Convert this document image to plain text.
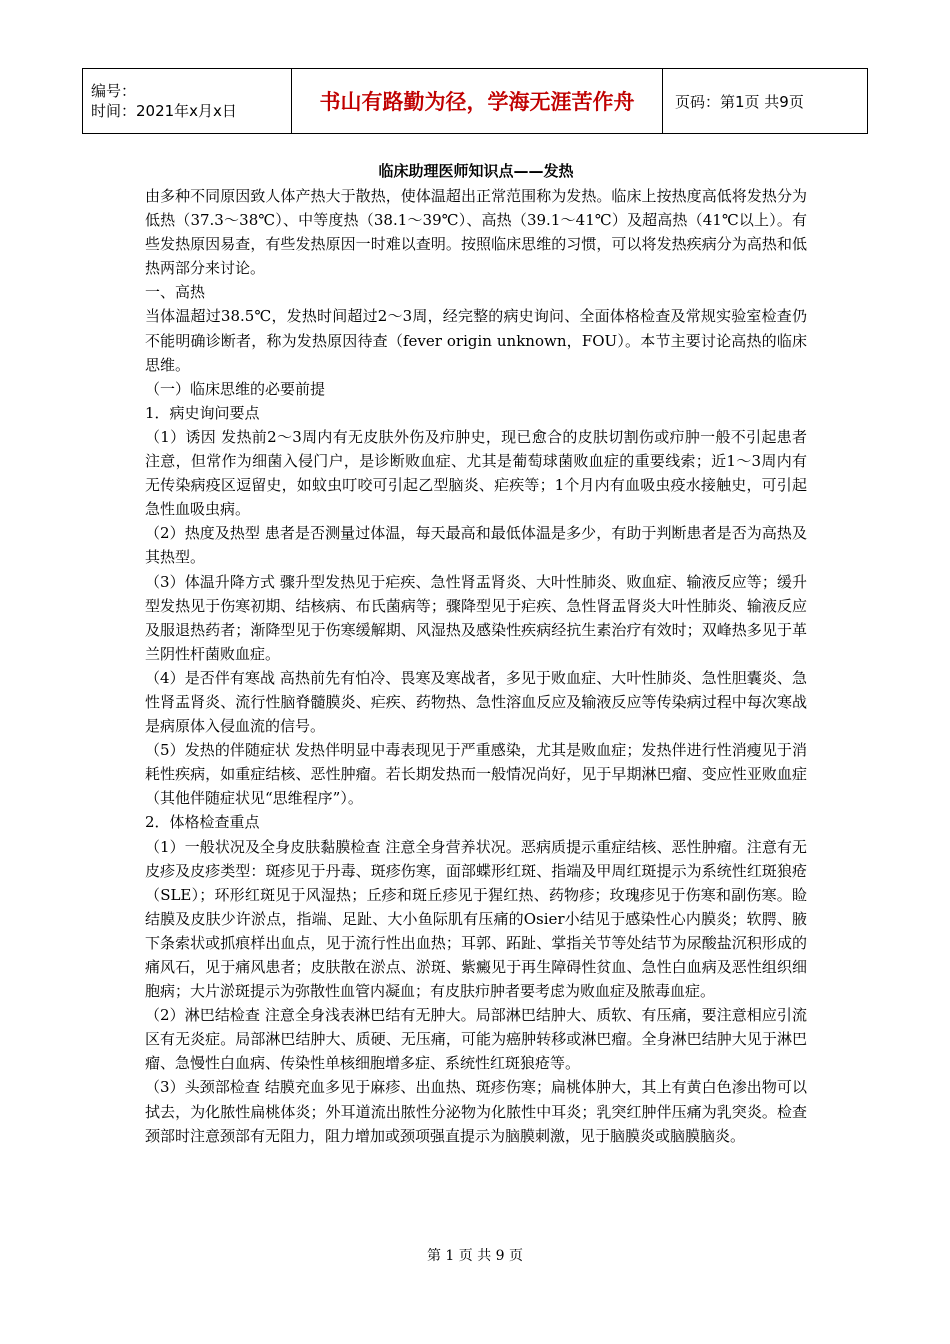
编号：
时间：2021年x月x日	书山有路勤为径，学海无涯苦作舟	页码：第1页 共9页
临床助理医师知识点——发热

由多种不同原因致人体产热大于散热，使体温超出正常范围称为发热。临床上按热度高低将发热分为低热（37.3～38℃）、中等度热（38.1～39℃）、高热（39.1～41℃）及超高热（41℃以上）。有些发热原因易查，有些发热原因一时难以查明。按照临床思维的习惯，可以将发热疾病分为高热和低热两部分来讨论。

一、高热

当体温超过38.5℃，发热时间超过2～3周，经完整的病史询问、全面体格检查及常规实验室检查仍不能明确诊断者，称为发热原因待查（fever origin unknown，FOU）。本节主要讨论高热的临床思维。

（一）临床思维的必要前提

1．病史询问要点

（1）诱因 发热前2～3周内有无皮肤外伤及疖肿史，现已愈合的皮肤切割伤或疖肿一般不引起患者注意，但常作为细菌入侵门户，是诊断败血症、尤其是葡萄球菌败血症的重要线索；近1～3周内有无传染病疫区逗留史，如蚊虫叮咬可引起乙型脑炎、疟疾等；1个月内有血吸虫疫水接触史，可引起急性血吸虫病。

（2）热度及热型 患者是否测量过体温，每天最高和最低体温是多少，有助于判断患者是否为高热及其热型。

（3）体温升降方式 骤升型发热见于疟疾、急性肾盂肾炎、大叶性肺炎、败血症、输液反应等；缓升型发热见于伤寒初期、结核病、布氏菌病等；骤降型见于疟疾、急性肾盂肾炎大叶性肺炎、输液反应及服退热药者；渐降型见于伤寒缓解期、风湿热及感染性疾病经抗生素治疗有效时；双峰热多见于革兰阴性杆菌败血症。

（4）是否伴有寒战 高热前先有怕冷、畏寒及寒战者，多见于败血症、大叶性肺炎、急性胆囊炎、急性肾盂肾炎、流行性脑脊髓膜炎、疟疾、药物热、急性溶血反应及输液反应等传染病过程中每次寒战是病原体入侵血流的信号。

（5）发热的伴随症状 发热伴明显中毒表现见于严重感染，尤其是败血症；发热伴进行性消瘦见于消耗性疾病，如重症结核、恶性肿瘤。若长期发热而一般情况尚好，见于早期淋巴瘤、变应性亚败血症（其他伴随症状见“思维程序”）。

2．体格检查重点

（1）一般状况及全身皮肤黏膜检查 注意全身营养状况。恶病质提示重症结核、恶性肿瘤。注意有无皮疹及皮疹类型：斑疹见于丹毒、斑疹伤寒，面部蝶形红斑、指端及甲周红斑提示为系统性红斑狼疮（SLE）；环形红斑见于风湿热；丘疹和斑丘疹见于猩红热、药物疹；玫瑰疹见于伤寒和副伤寒。睑结膜及皮肤少许淤点，指端、足趾、大小鱼际肌有压痛的Osier小结见于感染性心内膜炎；软腭、腋下条索状或抓痕样出血点，见于流行性出血热；耳郭、跖趾、掌指关节等处结节为尿酸盐沉积形成的痛风石，见于痛风患者；皮肤散在淤点、淤斑、紫癜见于再生障碍性贫血、急性白血病及恶性组织细胞病；大片淤斑提示为弥散性血管内凝血；有皮肤疖肿者要考虑为败血症及脓毒血症。

（2）淋巴结检查 注意全身浅表淋巴结有无肿大。局部淋巴结肿大、质软、有压痛，要注意相应引流区有无炎症。局部淋巴结肿大、质硬、无压痛，可能为癌肿转移或淋巴瘤。全身淋巴结肿大见于淋巴瘤、急慢性白血病、传染性单核细胞增多症、系统性红斑狼疮等。

（3）头颈部检查 结膜充血多见于麻疹、出血热、斑疹伤寒；扁桃体肿大，其上有黄白色渗出物可以拭去，为化脓性扁桃体炎；外耳道流出脓性分泌物为化脓性中耳炎；乳突红肿伴压痛为乳突炎。检查颈部时注意颈部有无阻力，阻力增加或颈项强直提示为脑膜刺激，见于脑膜炎或脑膜脑炎。

第 1 页 共 9 页
